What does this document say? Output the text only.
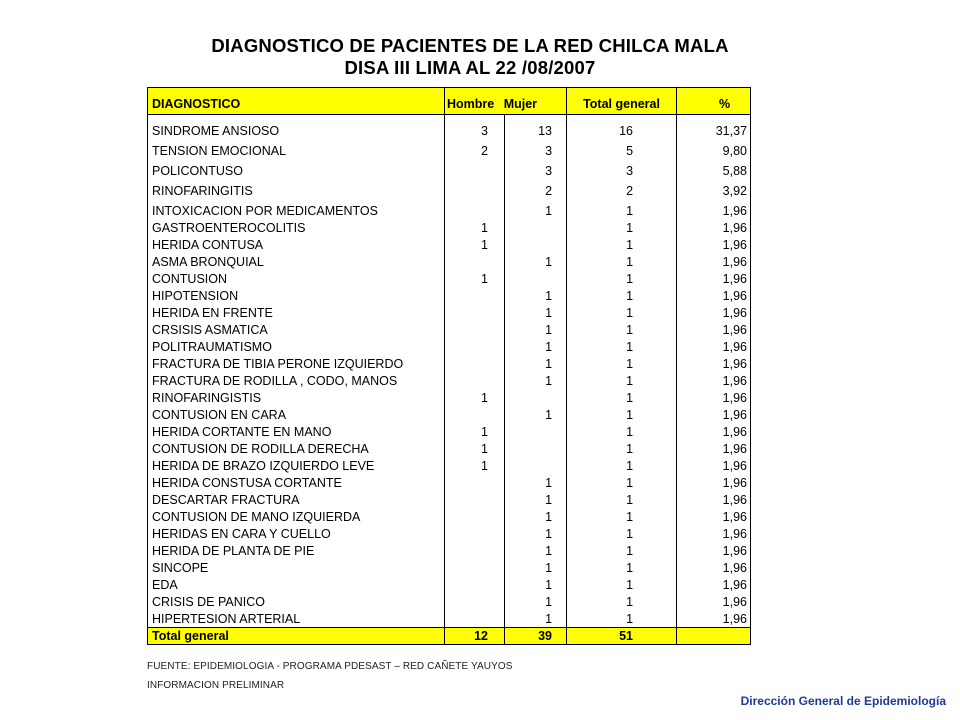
DIAGNOSTICO DE PACIENTES DE LA RED CHILCA MALA
DISA III LIMA AL 22 /08/2007
DIAGNOSTICO	Hombre Mujer		Total general	%

SINDROME ANSIOSO	3	13	16	31,37
TENSION EMOCIONAL	2	3	5	9,80
POLICONTUSO		3	3	5,88
RINOFARINGITIS		2	2	3,92
INTOXICACION POR MEDICAMENTOS		1	1	1,96
GASTROENTEROCOLITIS	1		1	1,96
HERIDA CONTUSA	1		1	1,96
ASMA BRONQUIAL		1	1	1,96
CONTUSION	1		1	1,96
HIPOTENSION		1	1	1,96
HERIDA EN FRENTE		1	1	1,96
CRSISIS ASMATICA		1	1	1,96
POLITRAUMATISMO		1	1	1,96
FRACTURA DE TIBIA PERONE IZQUIERDO		1	1	1,96
FRACTURA DE RODILLA , CODO, MANOS		1	1	1,96
RINOFARINGISTIS	1		1	1,96
CONTUSION EN CARA		1	1	1,96
HERIDA CORTANTE EN MANO	1		1	1,96
CONTUSION DE RODILLA DERECHA	1		1	1,96
HERIDA DE BRAZO IZQUIERDO LEVE	1		1	1,96
HERIDA CONSTUSA CORTANTE		1	1	1,96
DESCARTAR FRACTURA		1	1	1,96
CONTUSION DE MANO IZQUIERDA		1	1	1,96
HERIDAS EN CARA Y CUELLO		1	1	1,96
HERIDA DE PLANTA DE PIE		1	1	1,96
SINCOPE		1	1	1,96
EDA		1	1	1,96
CRISIS DE PANICO		1	1	1,96
HIPERTESION ARTERIAL		1	1	1,96
Total general	12	39	51	
FUENTE: EPIDEMIOLOGIA - PROGRAMA PDESAST – RED CAÑETE YAUYOS
INFORMACION PRELIMINAR
Dirección General de Epidemiología
